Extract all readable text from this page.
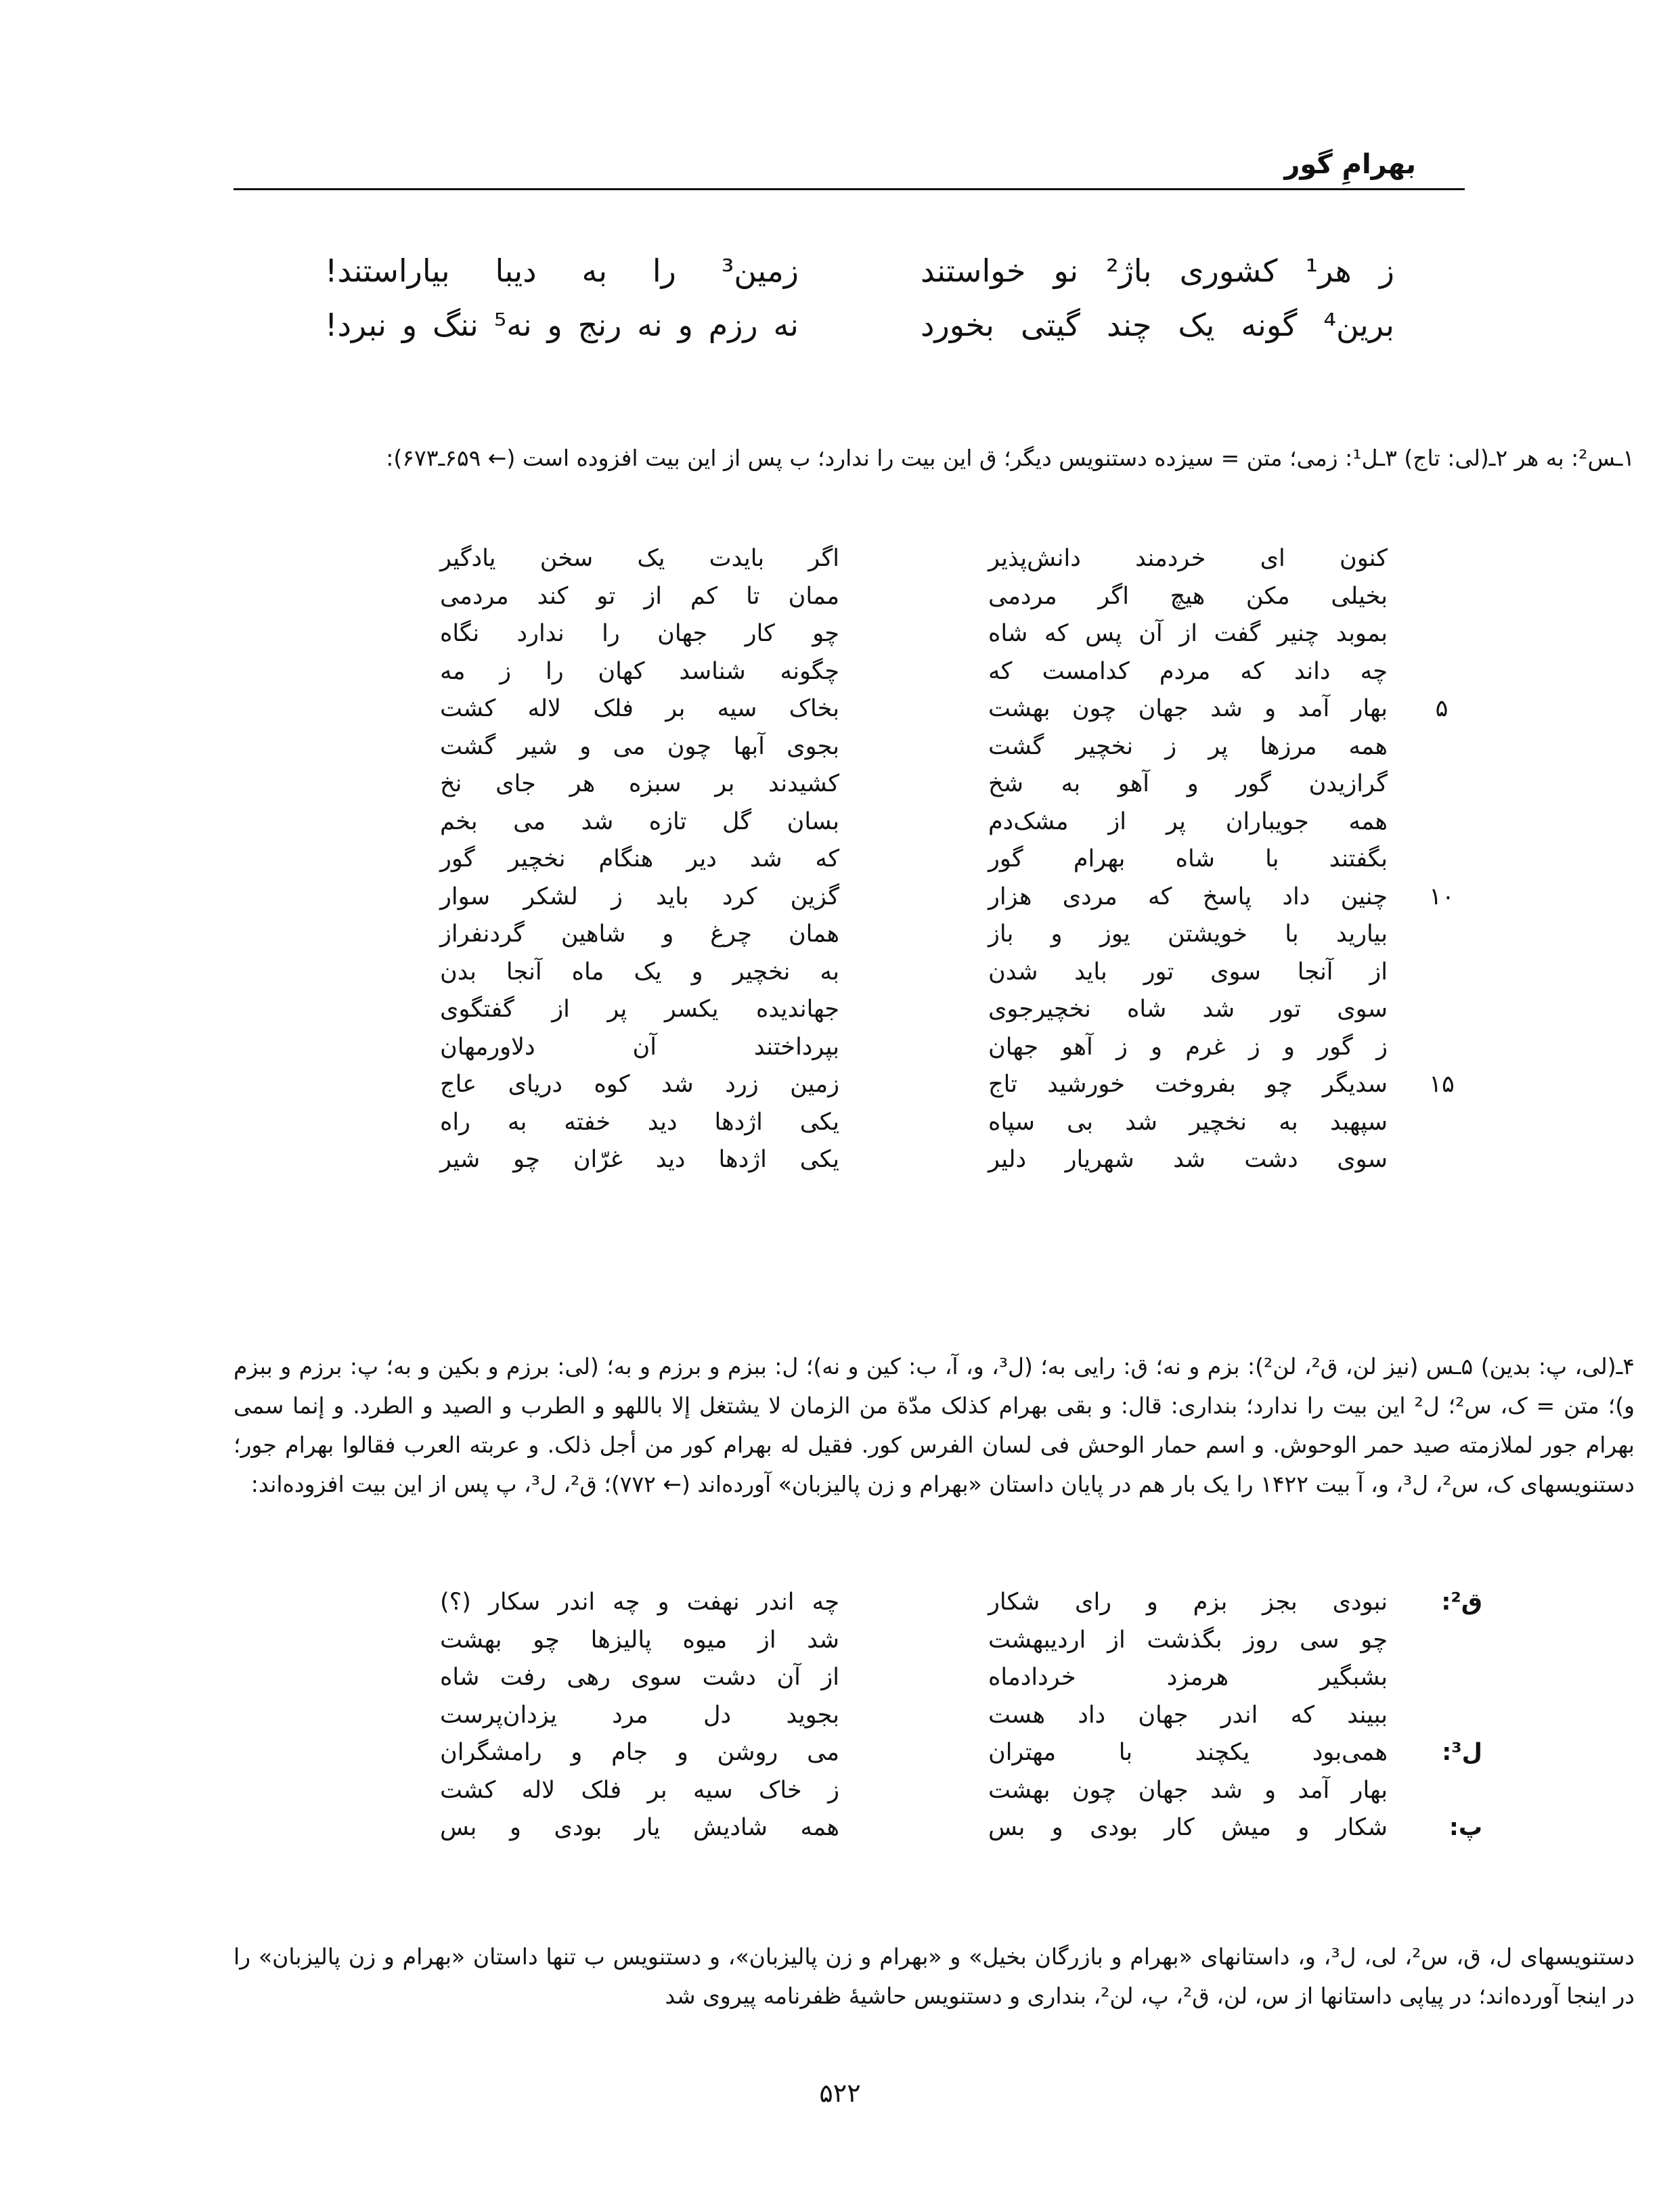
بهرامِ گور
ز هر¹ کشوری باژ² نو خواستند
زمین³ را به دیبا بیاراستند!
برین⁴ گونه یک چند گیتی بخورد
نه رزم و نه رنج و نه⁵ ننگ و نبرد!
۱ـس²: به هر ۲ـ(لی: تاج) ۳ـل¹: زمی؛ متن = سیزده دستنویس دیگر؛ ق این بیت را ندارد؛ ب پس از این بیت افزوده است (← ۶۵۹ـ۶۷۳):
کنون ای خردمند دانش‌پذیر
اگر بایدت یک سخن یادگیر
بخیلی مکن هیچ اگر مردمی
ممان تا کم از تو کند مردمی
بموبد چنیر گفت از آن پس که شاه
چو کار جهان را ندارد نگاه
چه داند که مردم کدامست که
چگونه شناسد کهان را ز مه
۵
بهار آمد و شد جهان چون بهشت
بخاک سیه بر فلک لاله کشت
همه مرزها پر ز نخچیر گشت
بجوی آبها چون می و شیر گشت
گرازیدن گور و آهو به شخ
کشیدند بر سبزه هر جای نخ
همه جویباران پر از مشک‌دم
بسان گل تازه شد می بخم
بگفتند با شاه بهرام گور
که شد دیر هنگام نخچیر گور
۱۰
چنین داد پاسخ که مردی هزار
گزین کرد باید ز لشکر سوار
بیارید با خویشتن یوز و باز
همان چرغ و شاهین گردنفراز
از آنجا سوی تور باید شدن
به نخچیر و یک ماه آنجا بدن
سوی تور شد شاه نخچیرجوی
جهاندیده یکسر پر از گفتگوی
ز گور و ز غرم و ز آهو جهان
بپرداختند آن دلاورمهان
۱۵
سدیگر چو بفروخت خورشید تاج
زمین زرد شد کوه دریای عاج
سپهبد به نخچیر شد بی سپاه
یکی اژدها دید خفته به راه
سوی دشت شد شهریار دلیر
یکی اژدها دید غرّان چو شیر
۴ـ(لی، پ: بدین) ۵ـس (نیز لن، ق²، لن²): بزم و نه؛ ق: رایی به؛ (ل³، و، آ، ب: کین و نه)؛ ل: ببزم و برزم و به؛ (لی: برزم و بکین و به؛ پ: برزم و ببزم و)؛ متن = ک، س²؛ ل² این بیت را ندارد؛ بنداری: قال: و بقی بهرام کذلک مدّة من الزمان لا یشتغل إلا باللهو و الطرب و الصید و الطرد. و إنما سمی بهرام جور لملازمته صید حمر الوحوش. و اسم حمار الوحش فی لسان الفرس کور. فقیل له بهرام کور من أجل ذلک. و عربته العرب فقالوا بهرام جور؛ دستنویسهای ک، س²، ل³، و، آ بیت ۱۴۲۲ را یک بار هم در پایان داستان «بهرام و زن پالیزبان» آورده‌اند (← ۷۷۲)؛ ق²، ل³، پ پس از این بیت افزوده‌اند:
ق²:
نبودی بجز بزم و رای شکار
چه اندر نهفت و چه اندر سکار (؟)
چو سی روز بگذشت از اردیبهشت
شد از میوه پالیزها چو بهشت
بشبگیر هرمزد خردادماه
از آن دشت سوی رهی رفت شاه
ببیند که اندر جهان داد هست
بجوید دل مرد یزدان‌پرست
ل³:
همی‌بود یکچند با مهتران
می روشن و جام و رامشگران
بهار آمد و شد جهان چون بهشت
ز خاک سیه بر فلک لاله کشت
پ:
شکار و میش کار بودی و بس
همه شادیش یار بودی و بس
دستنویسهای ل، ق، س²، لی، ل³، و، داستانهای «بهرام و بازرگان بخیل» و «بهرام و زن پالیزبان»، و دستنویس ب تنها داستان «بهرام و زن پالیزبان» را در اینجا آورده‌اند؛ در پیاپی داستانها از س، لن، ق²، پ، لن²، بنداری و دستنویس حاشیهٔ ظفرنامه پیروی شد
۵۲۲
